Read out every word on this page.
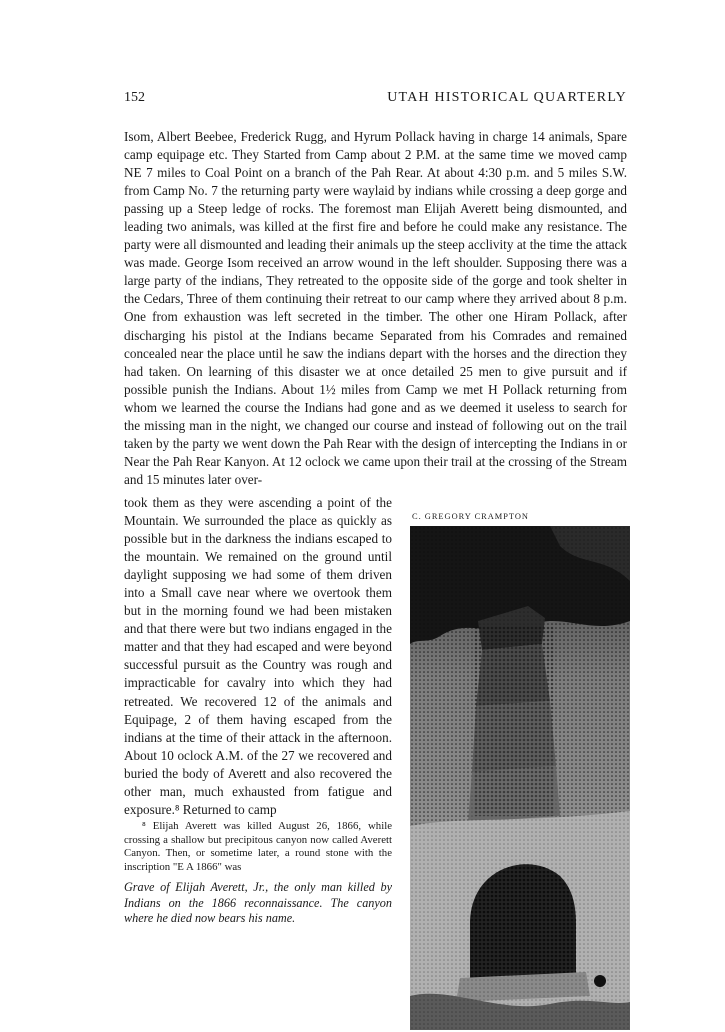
152	UTAH HISTORICAL QUARTERLY

Isom, Albert Beebee, Frederick Rugg, and Hyrum Pollack having in charge 14 animals, Spare camp equipage etc. They Started from Camp about 2 P.M. at the same time we moved camp NE 7 miles to Coal Point on a branch of the Pah Rear. At about 4:30 p.m. and 5 miles S.W. from Camp No. 7 the returning party were waylaid by indians while crossing a deep gorge and passing up a Steep ledge of rocks. The foremost man Elijah Averett being dismounted, and leading two animals, was killed at the first fire and before he could make any resistance. The party were all dismounted and leading their animals up the steep acclivity at the time the attack was made. George Isom received an arrow wound in the left shoulder. Supposing there was a large party of the indians, They retreated to the opposite side of the gorge and took shelter in the Cedars, Three of them continuing their retreat to our camp where they arrived about 8 p.m. One from exhaustion was left secreted in the timber. The other one Hiram Pollack, after discharging his pistol at the Indians became Separated from his Comrades and remained concealed near the place until he saw the indians depart with the horses and the direction they had taken. On learning of this disaster we at once detailed 25 men to give pursuit and if possible punish the Indians. About 1½ miles from Camp we met H Pollack returning from whom we learned the course the Indians had gone and as we deemed it useless to search for the missing man in the night, we changed our course and instead of following out on the trail taken by the party we went down the Pah Rear with the design of intercepting the Indians in or Near the Pah Rear Kanyon. At 12 oclock we came upon their trail at the crossing of the Stream and 15 minutes later over-

took them as they were ascending a point of the Mountain. We surrounded the place as quickly as possible but in the darkness the indians escaped to the mountain. We remained on the ground until daylight supposing we had some of them driven into a Small cave near where we overtook them but in the morning found we had been mistaken and that there were but two indians engaged in the matter and that they had escaped and were beyond successful pursuit as the Country was rough and impracticable for cavalry into which they had retreated. We recovered 12 of the animals and Equipage, 2 of them having escaped from the indians at the time of their attack in the afternoon. About 10 oclock A.M. of the 27 we recovered and buried the body of Averett and also recovered the other man, much exhausted from fatigue and exposure.⁸ Returned to camp

⁸ Elijah Averett was killed August 26, 1866, while crossing a shallow but precipitous canyon now called Averett Canyon. Then, or sometime later, a round stone with the inscription "E A 1866" was
Grave of Elijah Averett, Jr., the only man killed by Indians on the 1866 reconnaissance. The canyon where he died now bears his name.
C. GREGORY CRAMPTON
